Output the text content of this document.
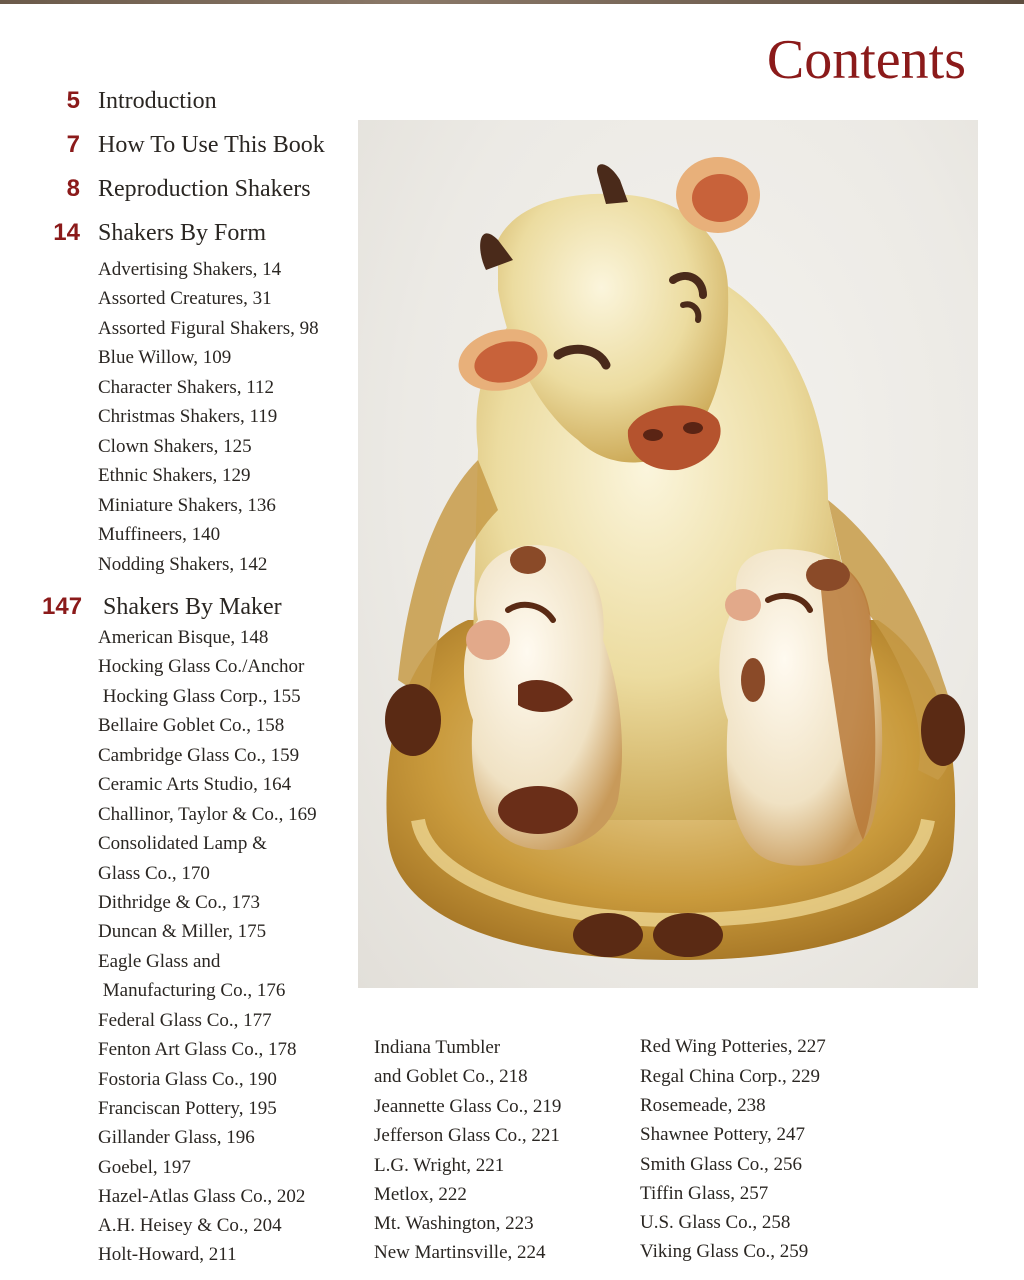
Contents
5 Introduction
7 How To Use This Book
8 Reproduction Shakers
14 Shakers By Form
Advertising Shakers, 14
Assorted Creatures, 31
Assorted Figural Shakers, 98
Blue Willow, 109
Character Shakers, 112
Christmas Shakers, 119
Clown Shakers, 125
Ethnic Shakers, 129
Miniature Shakers, 136
Muffineers, 140
Nodding Shakers, 142
147 Shakers By Maker
American Bisque, 148
Hocking Glass Co./Anchor
Hocking Glass Corp., 155
Bellaire Goblet Co., 158
Cambridge Glass Co., 159
Ceramic Arts Studio, 164
Challinor, Taylor & Co., 169
Consolidated Lamp &
Glass Co., 170
Dithridge & Co., 173
Duncan & Miller, 175
Eagle Glass and
Manufacturing Co., 176
Federal Glass Co., 177
Fenton Art Glass Co., 178
Fostoria Glass Co., 190
Franciscan Pottery, 195
Gillander Glass, 196
Goebel, 197
Hazel-Atlas Glass Co., 202
A.H. Heisey & Co., 204
Holt-Howard, 211
Indiana Tumbler
and Goblet Co., 218
Jeannette Glass Co., 219
Jefferson Glass Co., 221
L.G. Wright, 221
Metlox, 222
Mt. Washington, 223
New Martinsville, 224
Red Wing Potteries, 227
Regal China Corp., 229
Rosemeade, 238
Shawnee Pottery, 247
Smith Glass Co., 256
Tiffin Glass, 257
U.S. Glass Co., 258
Viking Glass Co., 259
